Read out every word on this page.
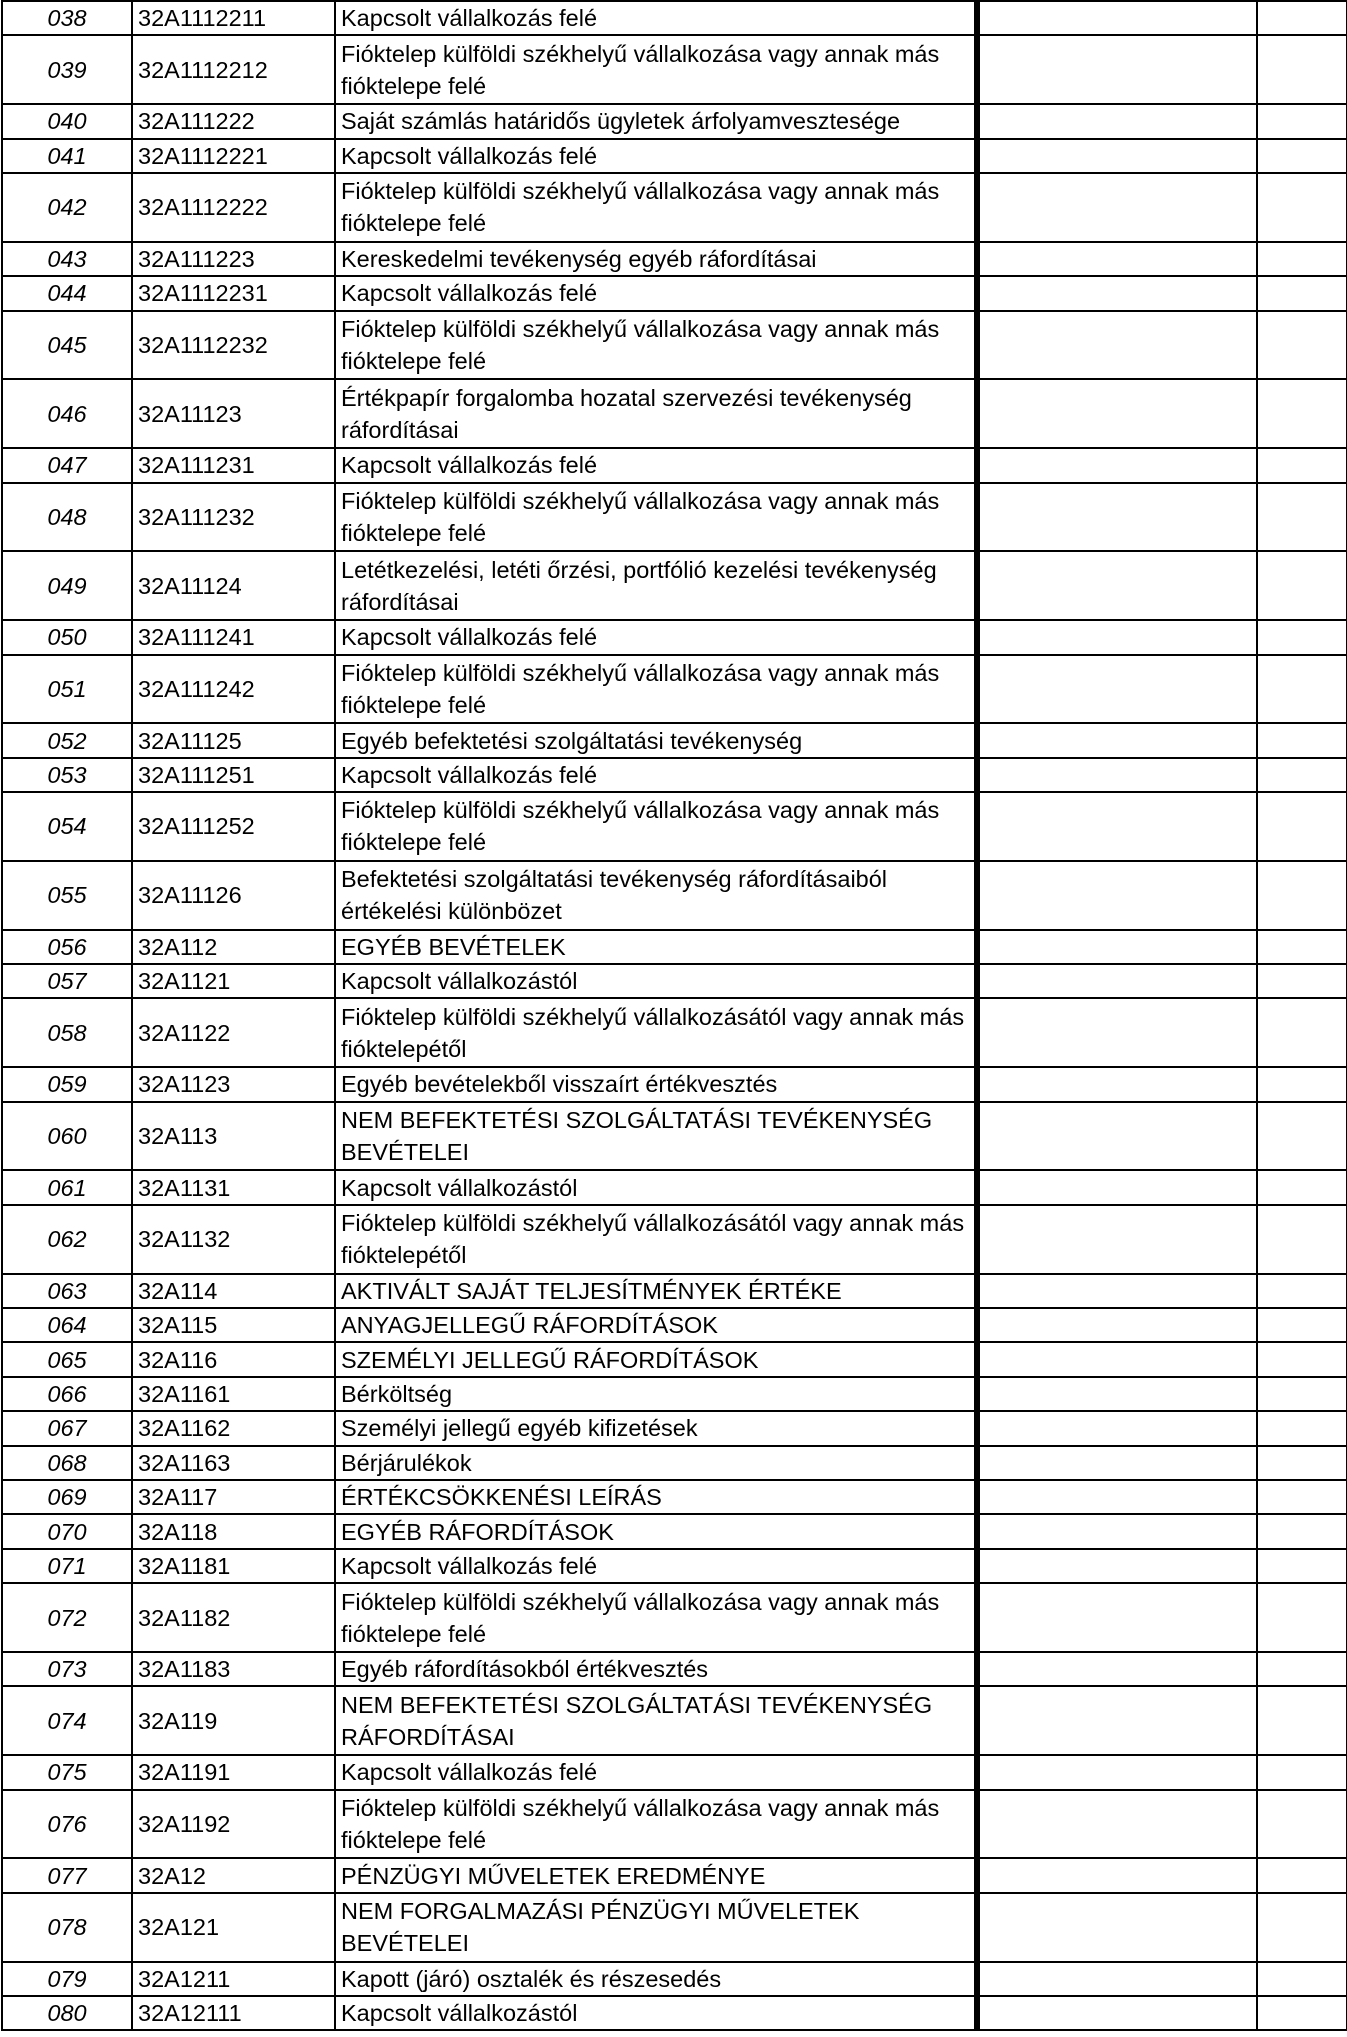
038	32A1112211	Kapcsolt vállalkozás felé		
039	32A1112212	Fióktelep külföldi székhelyű vállalkozása vagy annak más fióktelepe felé		
040	32A111222	Saját számlás határidős ügyletek árfolyamvesztesége		
041	32A1112221	Kapcsolt vállalkozás felé		
042	32A1112222	Fióktelep külföldi székhelyű vállalkozása vagy annak más fióktelepe felé		
043	32A111223	Kereskedelmi tevékenység egyéb ráfordításai		
044	32A1112231	Kapcsolt vállalkozás felé		
045	32A1112232	Fióktelep külföldi székhelyű vállalkozása vagy annak más fióktelepe felé		
046	32A11123	Értékpapír forgalomba hozatal szervezési tevékenység ráfordításai		
047	32A111231	Kapcsolt vállalkozás felé		
048	32A111232	Fióktelep külföldi székhelyű vállalkozása vagy annak más fióktelepe felé		
049	32A11124	Letétkezelési, letéti őrzési, portfólió kezelési tevékenység ráfordításai		
050	32A111241	Kapcsolt vállalkozás felé		
051	32A111242	Fióktelep külföldi székhelyű vállalkozása vagy annak más fióktelepe felé		
052	32A11125	Egyéb befektetési szolgáltatási tevékenység		
053	32A111251	Kapcsolt vállalkozás felé		
054	32A111252	Fióktelep külföldi székhelyű vállalkozása vagy annak más fióktelepe felé		
055	32A11126	Befektetési szolgáltatási tevékenység ráfordításaiból értékelési különbözet		
056	32A112	EGYÉB BEVÉTELEK		
057	32A1121	Kapcsolt vállalkozástól		
058	32A1122	Fióktelep külföldi székhelyű vállalkozásától vagy annak más fióktelepétől		
059	32A1123	Egyéb bevételekből visszaírt értékvesztés		
060	32A113	NEM BEFEKTETÉSI SZOLGÁLTATÁSI TEVÉKENYSÉG BEVÉTELEI		
061	32A1131	Kapcsolt vállalkozástól		
062	32A1132	Fióktelep külföldi székhelyű vállalkozásától vagy annak más fióktelepétől		
063	32A114	AKTIVÁLT SAJÁT TELJESÍTMÉNYEK ÉRTÉKE		
064	32A115	ANYAGJELLEGŰ RÁFORDÍTÁSOK		
065	32A116	SZEMÉLYI JELLEGŰ RÁFORDÍTÁSOK		
066	32A1161	Bérköltség		
067	32A1162	Személyi jellegű egyéb kifizetések		
068	32A1163	Bérjárulékok		
069	32A117	ÉRTÉKCSÖKKENÉSI LEÍRÁS		
070	32A118	EGYÉB RÁFORDÍTÁSOK		
071	32A1181	Kapcsolt vállalkozás felé		
072	32A1182	Fióktelep külföldi székhelyű vállalkozása vagy annak más fióktelepe felé		
073	32A1183	Egyéb ráfordításokból értékvesztés		
074	32A119	NEM BEFEKTETÉSI SZOLGÁLTATÁSI TEVÉKENYSÉG RÁFORDÍTÁSAI		
075	32A1191	Kapcsolt vállalkozás felé		
076	32A1192	Fióktelep külföldi székhelyű vállalkozása vagy annak más fióktelepe felé		
077	32A12	PÉNZÜGYI MŰVELETEK EREDMÉNYE		
078	32A121	NEM FORGALMAZÁSI PÉNZÜGYI MŰVELETEK BEVÉTELEI		
079	32A1211	Kapott (járó) osztalék és részesedés		
080	32A12111	Kapcsolt vállalkozástól		
